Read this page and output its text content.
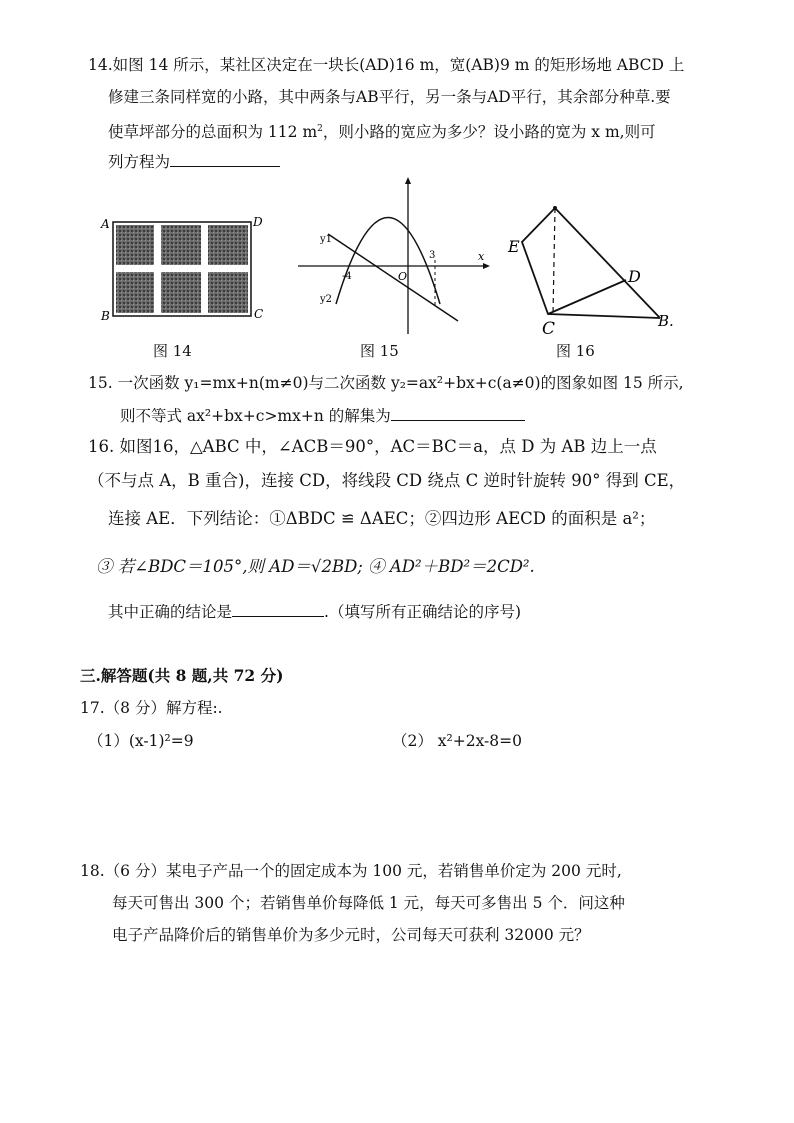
14.如图 14 所示，某社区决定在一块长(AD)16 m，宽(AB)9 m 的矩形场地 ABCD 上
修建三条同样宽的小路，其中两条与AB平行，另一条与AD平行，其余部分种草.要
使草坪部分的总面积为 112 $m^2$，则小路的宽应为多少？设小路的宽为 x m,则可
列方程为
A	D
B	C
图 14
y1
y2
x
O
-4
3
图 15
E
D
C	B.
图 16
15. 一次函数 y₁=mx+n(m≠0)与二次函数 y₂=ax²+bx+c(a≠0)的图象如图 15 所示,
则不等式 ax²+bx+c>mx+n 的解集为
16. 如图16，△ABC 中，∠ACB＝90°，AC＝BC＝a，点 D 为 AB 边上一点
（不与点 A，B 重合)，连接 CD，将线段 CD 绕点 C 逆时针旋转 90° 得到 CE，
连接 AE．下列结论：①ΔBDC ≌ ΔAEC；②四边形 AECD 的面积是 a²；
③ 若∠BDC＝105°,则 AD＝√2BD; ④ AD²＋BD²＝2CD².
其中正确的结论是	.（填写所有正确结论的序号)
三.解答题(共 8 题,共 72 分)
17.（8 分）解方程:.
（1）(x-1)²=9	（2） x²+2x-8=0
18.（6 分）某电子产品一个的固定成本为 100 元，若销售单价定为 200 元时,
每天可售出 300 个；若销售单价每降低 1 元，每天可多售出 5 个．问这种
电子产品降价后的销售单价为多少元时，公司每天可获利 32000 元？
